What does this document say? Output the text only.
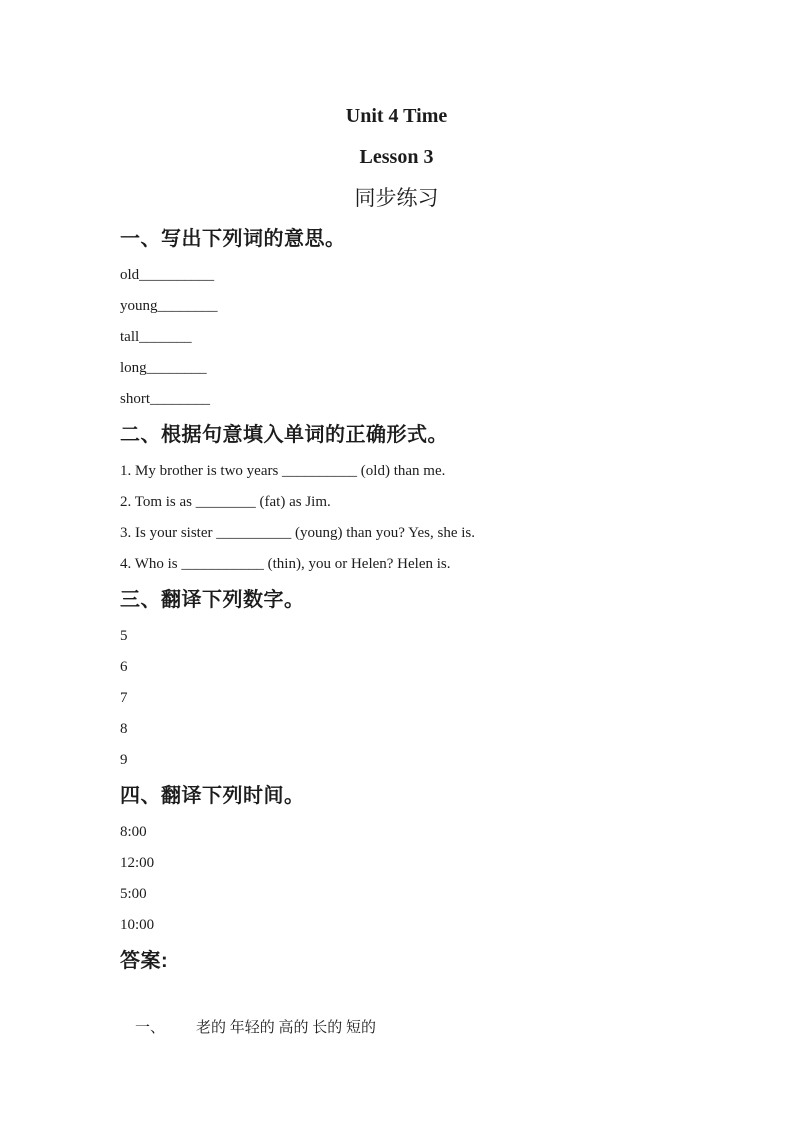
Unit 4 Time
Lesson 3
同步练习
一、写出下列词的意思。
old__________
young________
tall_______
long________
short________
二、根据句意填入单词的正确形式。
1. My brother is two years __________ (old) than me.
2. Tom is as ________ (fat) as Jim.
3. Is your sister __________ (young) than you? Yes, she is.
4. Who is ___________ (thin), you or Helen? Helen is.
三、翻译下列数字。
5
6
7
8
9
四、翻译下列时间。
8:00
12:00
5:00
10:00
答案:

一、 老的 年轻的 高的 长的 短的
